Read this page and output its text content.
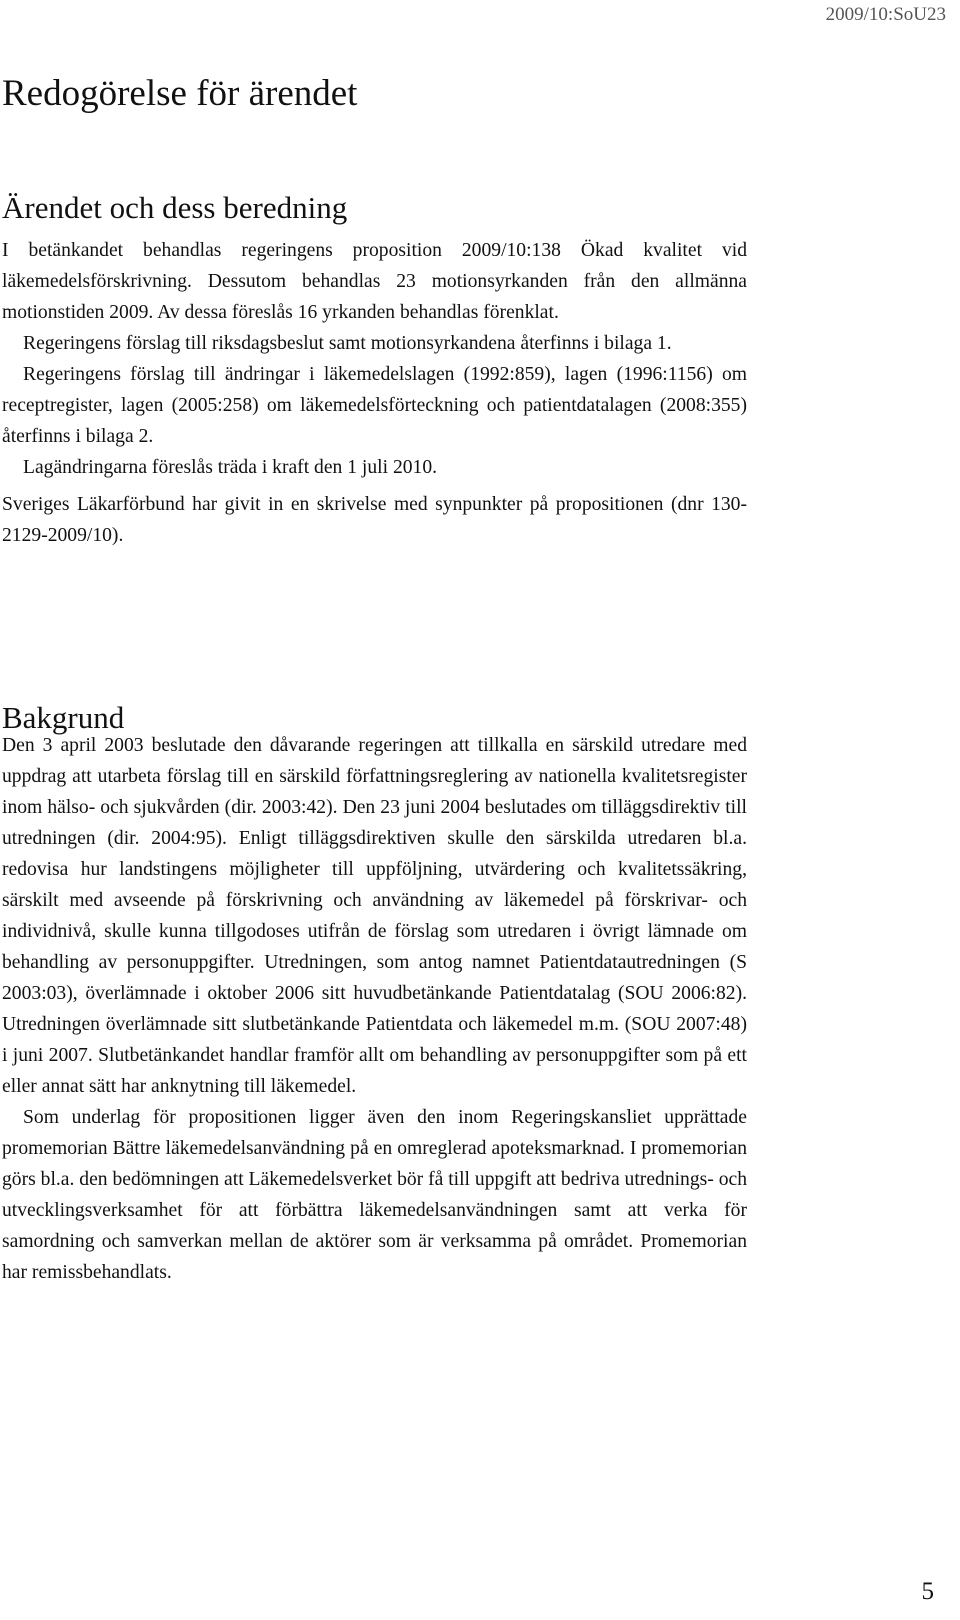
2009/10:SoU23
Redogörelse för ärendet
Ärendet och dess beredning

I betänkandet behandlas regeringens proposition 2009/10:138 Ökad kvalitet vid läkemedelsförskrivning. Dessutom behandlas 23 motionsyrkanden från den allmänna motionstiden 2009. Av dessa föreslås 16 yrkanden behandlas förenklat.

Regeringens förslag till riksdagsbeslut samt motionsyrkandena återfinns i bilaga 1.

Regeringens förslag till ändringar i läkemedelslagen (1992:859), lagen (1996:1156) om receptregister, lagen (2005:258) om läkemedelsförteckning och patientdatalagen (2008:355) återfinns i bilaga 2.

Lagändringarna föreslås träda i kraft den 1 juli 2010.

Sveriges Läkarförbund har givit in en skrivelse med synpunkter på propositionen (dnr 130-2129-2009/10).

Bakgrund

Den 3 april 2003 beslutade den dåvarande regeringen att tillkalla en särskild utredare med uppdrag att utarbeta förslag till en särskild författningsreglering av nationella kvalitetsregister inom hälso- och sjukvården (dir. 2003:42). Den 23 juni 2004 beslutades om tilläggsdirektiv till utredningen (dir. 2004:95). Enligt tilläggsdirektiven skulle den särskilda utredaren bl.a. redovisa hur landstingens möjligheter till uppföljning, utvärdering och kvalitetssäkring, särskilt med avseende på förskrivning och användning av läkemedel på förskrivar- och individnivå, skulle kunna tillgodoses utifrån de förslag som utredaren i övrigt lämnade om behandling av personuppgifter. Utredningen, som antog namnet Patientdatautredningen (S 2003:03), överlämnade i oktober 2006 sitt huvudbetänkande Patientdatalag (SOU 2006:82). Utredningen överlämnade sitt slutbetänkande Patientdata och läkemedel m.m. (SOU 2007:48) i juni 2007. Slutbetänkandet handlar framför allt om behandling av personuppgifter som på ett eller annat sätt har anknytning till läkemedel.

Som underlag för propositionen ligger även den inom Regeringskansliet upprättade promemorian Bättre läkemedelsanvändning på en omreglerad apoteksmarknad. I promemorian görs bl.a. den bedömningen att Läkemedelsverket bör få till uppgift att bedriva utrednings- och utvecklingsverksamhet för att förbättra läkemedelsanvändningen samt att verka för samordning och samverkan mellan de aktörer som är verksamma på området. Promemorian har remissbehandlats.

5
